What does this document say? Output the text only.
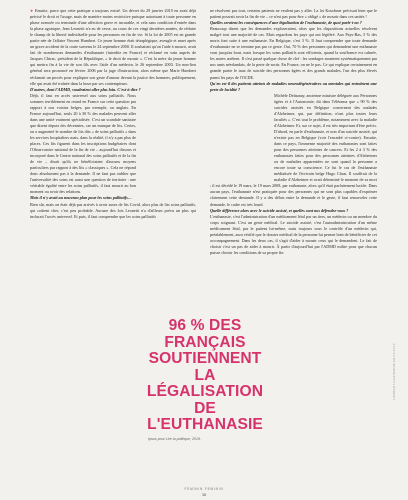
➤ Ensuite, parce que cette pratique a toujours existé. Un décret du 29 janvier 2010 en avait déjà précisé le droit et l'usage, mais de manière moins restrictive puisque autorisant à toute personne en phase avancée ou terminale d'une affection grave et incurable, et cela sans condition d'entrée dans la phase agonique, Jean Leonetti n'a eu de cesse, au cours de ces vingt dernières années, de réduire le champ de la liberté individuelle pour les personnes en fin de vie. Si la loi de 2005 est en grande partie née de l'affaire Vincent Humbert. Ce jeune homme était tétraplégique, aveugle et muet après un grave accident de la route survenu le 24 septembre 2000. Il souhaitait qu'on l'aide à mourir, avait fait de nombreuses demandes d'euthanasie (interdite en France) et réclamé en vain auprès de Jacques Chirac, président de la République, « le droit de mourir ». C'est la mère du jeune homme qui mettra fin à la vie de son fils avec l'aide d'un médecin, le 26 septembre 2003. Un non-lieu général sera prononcé en février 2006 par la juge d'instruction, alors même que Marie Humbert réclamait un procès pour expliquer son geste d'amour devant la justice des hommes, publiquement, elle qui avait été traînée dans la boue par ses contempteurs.

D'autres, dont l'ADMD, voudraient aller plus loin. C'est-à-dire ?

Déjà, il faut en accès universel aux soins palliatifs. Nous sommes terriblement en retard en France sur cette question par rapport à nos voisins belges, par exemple, ou anglais. En France aujourd'hui, seuls 20 à 30 % des malades peuvent aller dans une unité vraiment spécialisée. C'est un scandale sanitaire que disent depuis des décennies, car un manque de lits. Certes, on a augmenté le nombre de lits dits « de soins palliatifs » dans les services hospitaliers mais, dans la réalité, il n'y a pas plus de places. Ces lits figurent dans les inscriptions budgétaires dont l'Observatoire national de la fin de vie – aujourd'hui dissous et incorporé dans le Centre national des soins palliatifs et de la fin de vie – disait qu'ils ne bénéficiaient d'aucuns moyens particuliers par rapport à des lits « classiques ». Cela ne répond donc absolument pas à la demande. Il ne faut pas oublier que l'universalité des soins est aussi une question de territoire : une véritable égalité entre les soins palliatifs, il faut mourir au bon moment ou avoir des relations.

Mais il n'y avait au nouveau plan pour les soins palliatifs…

Bien sûr, mais on était déjà pas arrivés à avoir assez de lits Covid, alors plus de lits soins palliatifs, qui coûtent cher, c'est peu probable. Aucune des lois Leonetti n'a d'ailleurs prévu un plus qui inclurait l'accès universel. Et puis, il faut comprendre que les soins palliatifs

ne résolvent pas tout, certains patients ne veulent pas y aller. La loi Kouchner précisait bien que le patient pouvait avoir la fin de vie – ce n'est pas pour être « obligé » de mourir dans ces unités !

Quelles seraient les conséquences d'une légalisation de l'euthanasie, de quoi parle-t-on ?

Beaucoup disent que les demandes exploseraient, alors que les dispositions actuelles résolvent malgré tout une majorité de cas. Mais regardons les pays qui ont légiféré. Aux Pays-Bas, 5 % des morts font suite à une euthanasie. En Belgique, c'est 3 %. Il faut comprendre que toute demande d'euthanasie ne se termine pas par ce geste. Oui, 70 % des personnes qui demandent une euthanasie vont jusqu'au bout, mais lorsque les soins palliatifs sont efficients, quand la souffrance est calmée, les autres arrêtent. Il s'est passé quelque chose de clef : les sondages montrent systématiquement par nos amis néerlandais, de la perte de sortir. En France, on ne le pas. Ce qui explique certainement en grande partie le taux de suicide des personnes âgées et des grands malades, l'un des plus élevés parmi les pays de l'OCDE.

Qu'en est-il des patients atteints de maladies neurodégénératives ou mentales qui entraînent une perte de lucidité ?

Michèle Delaunay, ancienne ministre déléguée aux Personnes âgées et à l'Autonomie, dit dans Télérama que « 90 % des suicides assistés en Belgique concernent des malades d'Alzheimer, qui, par définition, n'ont plus toutes leurs facultés ». C'est tout le problème, notamment avec la maladie d'Alzheimer. Et, sur ce sujet, il est très important d'être précis. D'abord, en parle d'euthanasie, et non d'un suicide assisté, qui n'existe pas en Belgique (voir l'encadré ci-contre). Ensuite, dans ce pays, l'immense majorité des euthanasies sont faites pour des personnes atteintes de cancers. Et les 2 à 3 % des euthanasies faites pour des personnes atteintes d'Alzheimer ou de maladies apparentées ne sont quand la personne a encore toute sa conscience. Ce fut le cas de l'euthanasie médiatisée de l'écrivain belge Hugo Claus. Il souffrait de la maladie d'Alzheimer et avait déterminé le moment de sa mort ; il est décédé le 19 mars, le 19 mars 2008, par euthanasie, alors qu'il était parfaitement lucide. Dans aucun pays, l'euthanasie n'est pratiquée pour des personnes qui ne sont plus capables d'exprimer clairement cette demande. Il y a des délais entre la demande et le geste, il faut renouveler cette demande, le cadre est très lourd.

Quelle différence alors avec le suicide assisté, et quelles sont nos défendez-vous ?

L'euthanasie, c'est l'administration d'un médicament létal par un tiers, un médecin ou un membre du corps soignant. C'est un geste médical. Le suicide assisté, c'est l'autoadministration d'un même médicament létal, par le patient lui-même, mais toujours sous le contrôle d'un médecin qui, préalablement, aura vérifié que le dossier médical de la personne lui permet bien de bénéficier de cet accompagnement. Dans les deux cas, il s'agit d'aider à mourir ceux qui le demandent. Le fait de choisir c'est un pas de aider à mourir. À partir d'aujourd'hui par l'ADMD milite pour que chacun puisse choisir les conditions de sa propre fin

96 % DES FRANÇAIS SOUTIENNENT LA LÉGALISATION DE L'EUTHANASIE
Ipsos pour Lire la politique, 2019.
LAMBERT/LEA/MONNIER/IT/2023
FEMININ FEMININ
38
